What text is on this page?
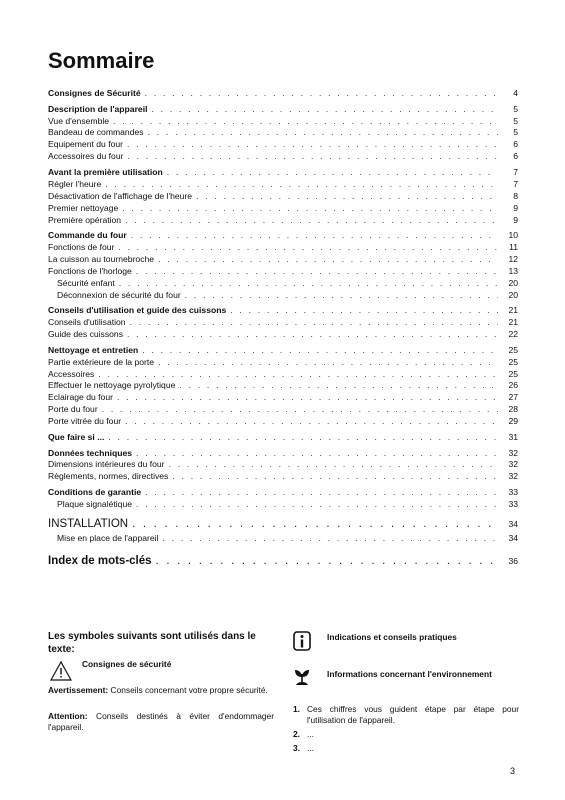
Sommaire
Consignes de Sécurité . . .	4
Description de l'appareil . . .	5
Vue d'ensemble . . .	5
Bandeau de commandes . . .	5
Equipement du four . . .	6
Accessoires du four . . .	6
Avant la première utilisation . . .	7
Régler l'heure . . .	7
Désactivation de l'affichage de l'heure . . .	8
Premier nettoyage . . .	9
Première opération . . .	9
Commande du four . . .	10
Fonctions de four . . .	11
La cuisson au tournebroche . . .	12
Fonctions de l'horloge . . .	13
Sécurité enfant . . .	20
Déconnexion de sécurité du four . . .	20
Conseils d'utilisation et guide des cuissons . . .	21
Conseils d'utilisation . . .	21
Guide des cuissons . . .	22
Nettoyage et entretien . . .	25
Partie extérieure de la porte . . .	25
Accessoires . . .	25
Effectuer le nettoyage pyrolytique . . .	26
Eclairage du four . . .	27
Porte du four . . .	28
Porte vitrée du four . . .	29
Que faire si ... . . .	31
Données techniques . . .	32
Dimensions intérieures du four . . .	32
Règlements, normes, directives . . .	32
Conditions de garantie . . .	33
Plaque signalétique . . .	33
INSTALLATION . . .	34
Mise en place de l'appareil . . .	34
Index de mots-clés . . .	36
Les symboles suivants sont utilisés dans le texte:
Consignes de sécurité
Avertissement: Conseils concernant votre propre sécurité.
Attention: Conseils destinés à éviter d'endommager l'appareil.
Indications et conseils pratiques
Informations concernant l'environnement
1. Ces chiffres vous guident étape par étape pour l'utilisation de l'appareil.
2. ...
3. ...
3
